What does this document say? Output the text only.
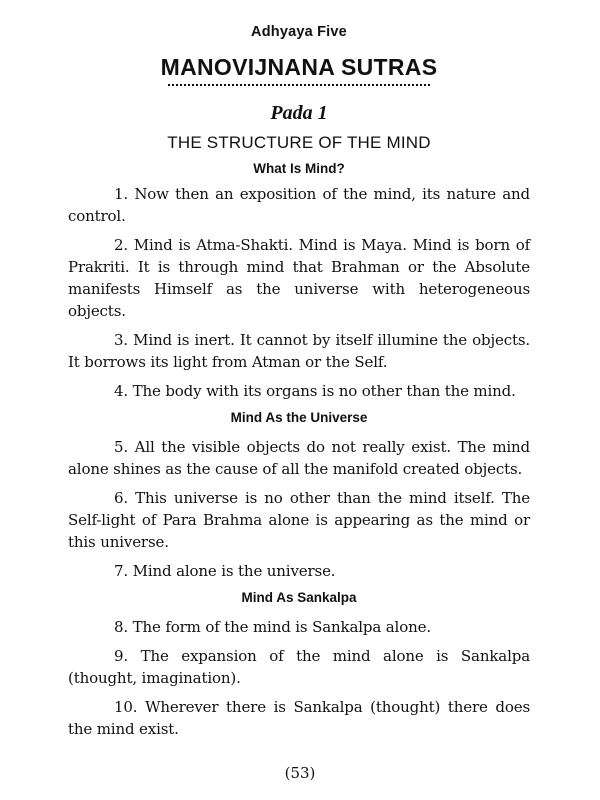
Adhyaya Five
MANOVIJNANA SUTRAS
Pada 1
THE STRUCTURE OF THE MIND
What Is Mind?

1. Now then an exposition of the mind, its nature and control.

2. Mind is Atma-Shakti. Mind is Maya. Mind is born of Prakriti. It is through mind that Brahman or the Absolute manifests Himself as the universe with heterogeneous objects.

3. Mind is inert. It cannot by itself illumine the objects. It borrows its light from Atman or the Self.

4. The body with its organs is no other than the mind.

Mind As the Universe

5. All the visible objects do not really exist. The mind alone shines as the cause of all the manifold created objects.

6. This universe is no other than the mind itself. The Self-light of Para Brahma alone is appearing as the mind or this universe.

7. Mind alone is the universe.

Mind As Sankalpa

8. The form of the mind is Sankalpa alone.

9. The expansion of the mind alone is Sankalpa (thought, imagination).

10. Wherever there is Sankalpa (thought) there does the mind exist.

(53)
